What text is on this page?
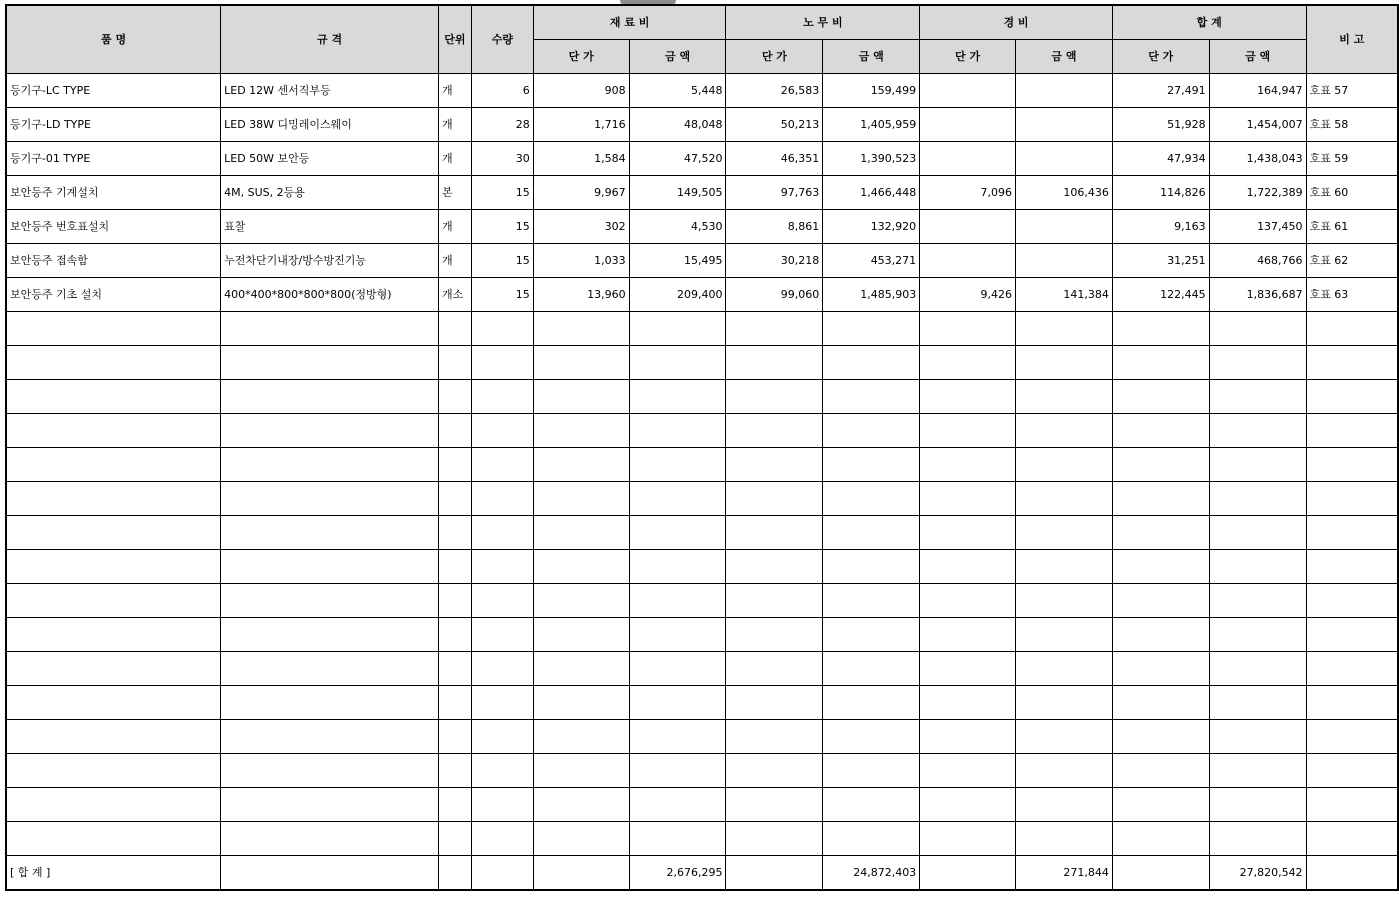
품 명	규 격	단위	수량	재 료 비		노 무 비		경 비		합 계		비 고
				단 가	금 액	단 가	금 액	단 가	금 액	단 가	금 액	
등기구-LC TYPE	LED 12W 센서직부등	개	6	908	5,448	26,583	159,499			27,491	164,947	호표 57
등기구-LD TYPE	LED 38W 디밍레이스웨이	개	28	1,716	48,048	50,213	1,405,959			51,928	1,454,007	호표 58
등기구-01 TYPE	LED 50W 보안등	개	30	1,584	47,520	46,351	1,390,523			47,934	1,438,043	호표 59
보안등주 기계설치	4M, SUS, 2등용	본	15	9,967	149,505	97,763	1,466,448	7,096	106,436	114,826	1,722,389	호표 60
보안등주 번호표설치	표찰	개	15	302	4,530	8,861	132,920			9,163	137,450	호표 61
보안등주 접속함	누전차단기내장/방수방진기능	개	15	1,033	15,495	30,218	453,271			31,251	468,766	호표 62
보안등주 기초 설치	400*400*800*800*800(정방형)	개소	15	13,960	209,400	99,060	1,485,903	9,426	141,384	122,445	1,836,687	호표 63

[ 합 계 ]					2,676,295		24,872,403		271,844		27,820,542	
